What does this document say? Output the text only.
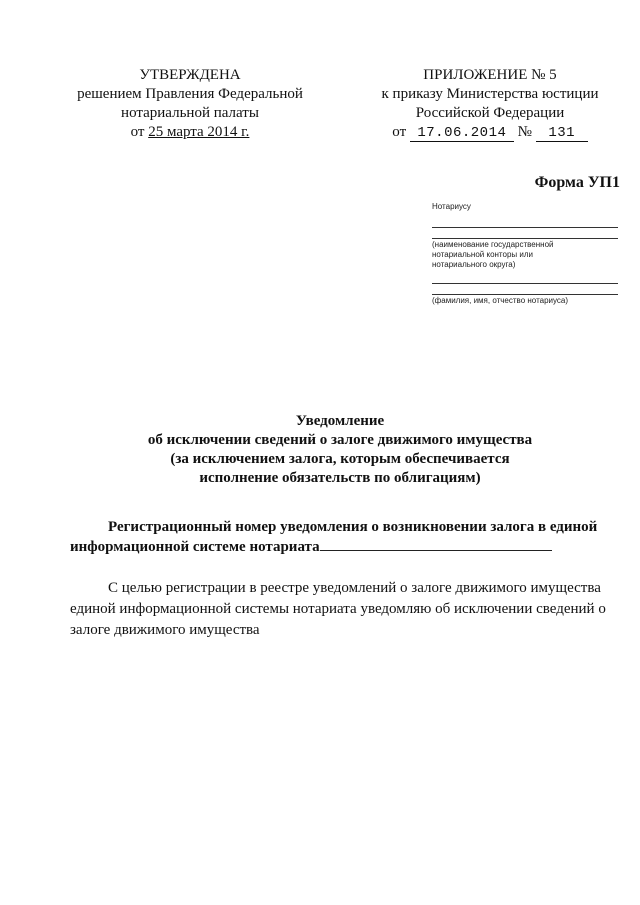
УТВЕРЖДЕНА
решением Правления Федеральной
нотариальной палаты
от 25 марта 2014 г.
ПРИЛОЖЕНИЕ № 5
к приказу Министерства юстиции
Российской Федерации
от 17.06.2014 № 131
Форма УП1
Нотариусу
(наименование государственной
нотариальной конторы или
нотариального округа)
(фамилия, имя, отчество нотариуса)
Уведомление
об исключении сведений о залоге движимого имущества
(за исключением залога, которым обеспечивается
исполнение обязательств по облигациям)
Регистрационный номер уведомления о возникновении залога в единой
информационной системе нотариата
С целью регистрации в реестре уведомлений о залоге движимого имущества
единой информационной системы нотариата уведомляю об исключении сведений о
залоге движимого имущества
